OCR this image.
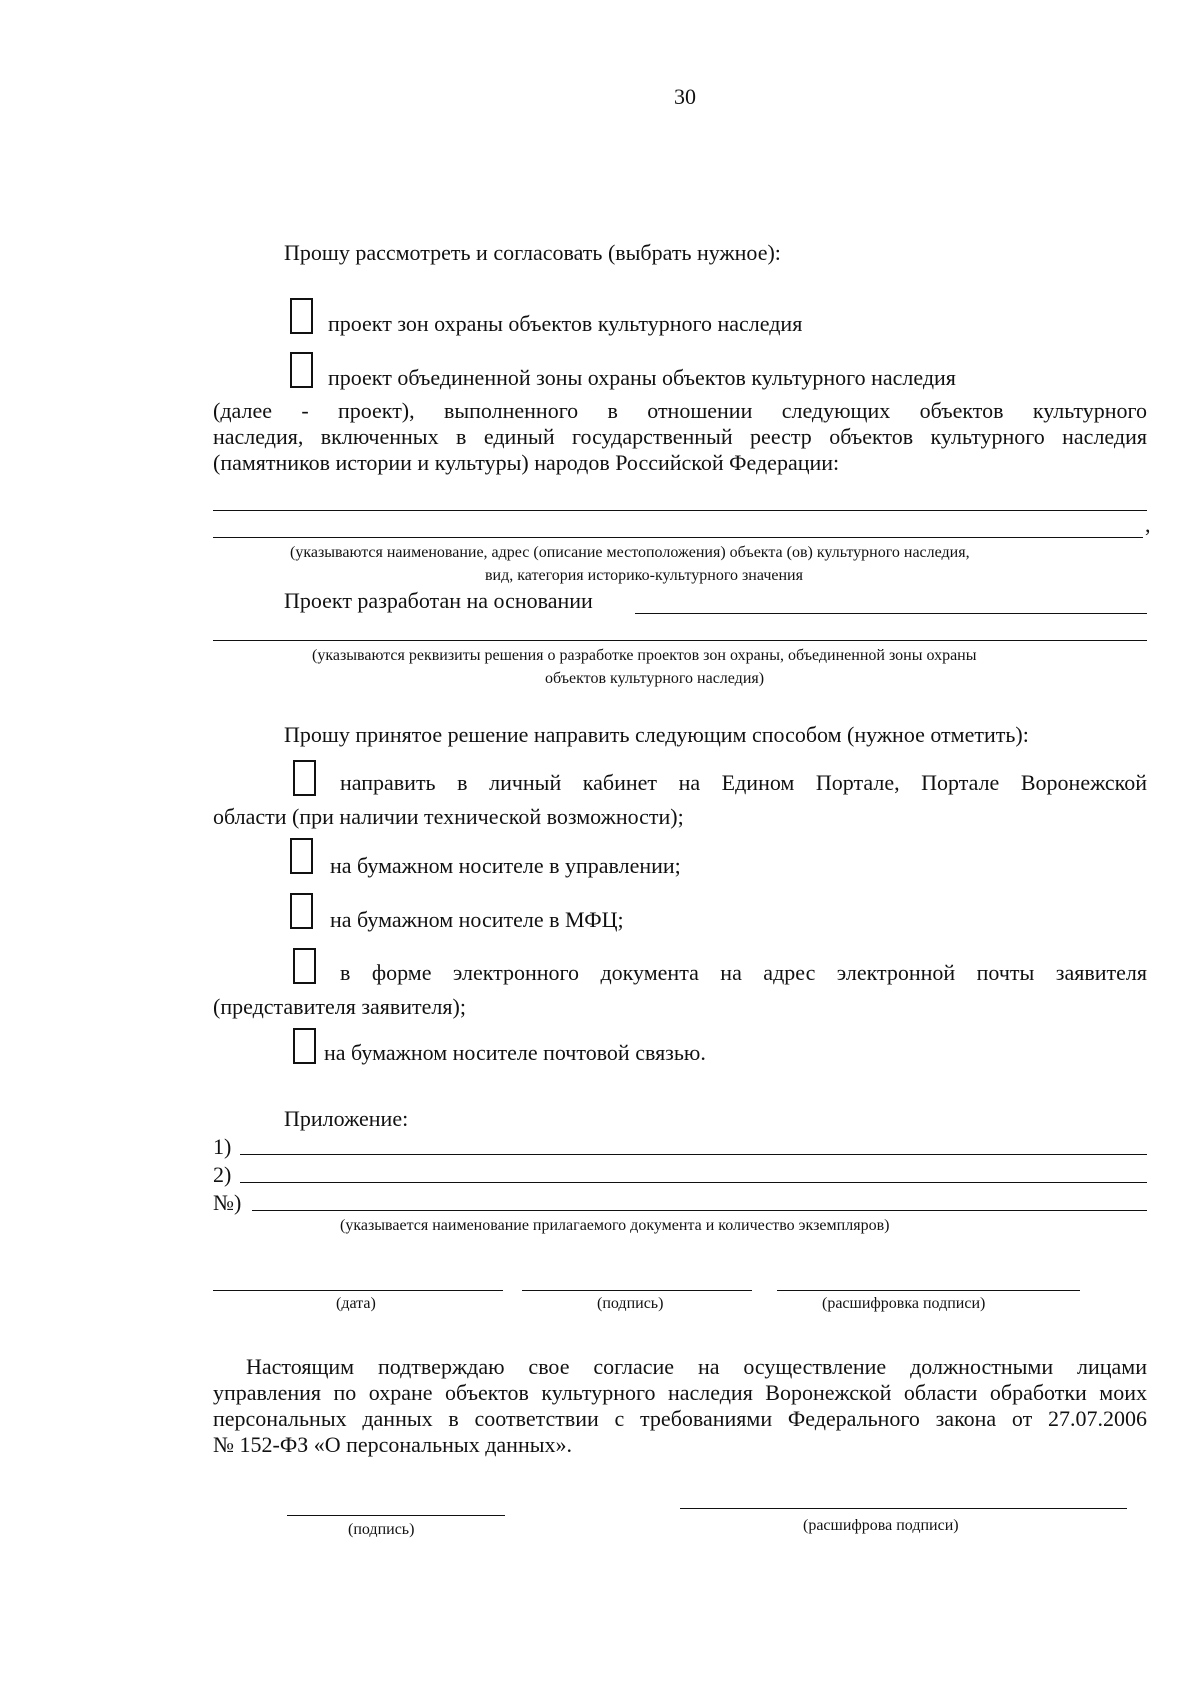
30
Прошу рассмотреть и согласовать (выбрать нужное):
проект зон охраны объектов культурного наследия
проект объединенной зоны охраны объектов культурного наследия
(далее - проект), выполненного в отношении следующих объектов культурного
наследия, включенных в единый государственный реестр объектов культурного наследия
(памятников истории и культуры) народов Российской Федерации:
,
(указываются наименование, адрес (описание местоположения) объекта (ов) культурного наследия,
вид, категория историко-культурного значения
Проект разработан на основании
(указываются реквизиты решения о разработке проектов зон охраны, объединенной зоны охраны
объектов культурного наследия)
Прошу принятое решение направить следующим способом (нужное отметить):
направить в личный кабинет на Едином Портале, Портале Воронежской
области (при наличии технической возможности);
на бумажном носителе в управлении;
на бумажном носителе в МФЦ;
в форме электронного документа на адрес электронной почты заявителя
(представителя заявителя);
на бумажном носителе почтовой связью.
Приложение:
1)
2)
№)
(указывается наименование прилагаемого документа и количество экземпляров)
(дата)	(подпись)	(расшифровка подписи)
Настоящим подтверждаю свое согласие на осуществление должностными лицами
управления по охране объектов культурного наследия Воронежской области обработки моих
персональных данных в соответствии с требованиями Федерального закона от 27.07.2006
№ 152-ФЗ «О персональных данных».
(подпись)	(расшифрова подписи)
